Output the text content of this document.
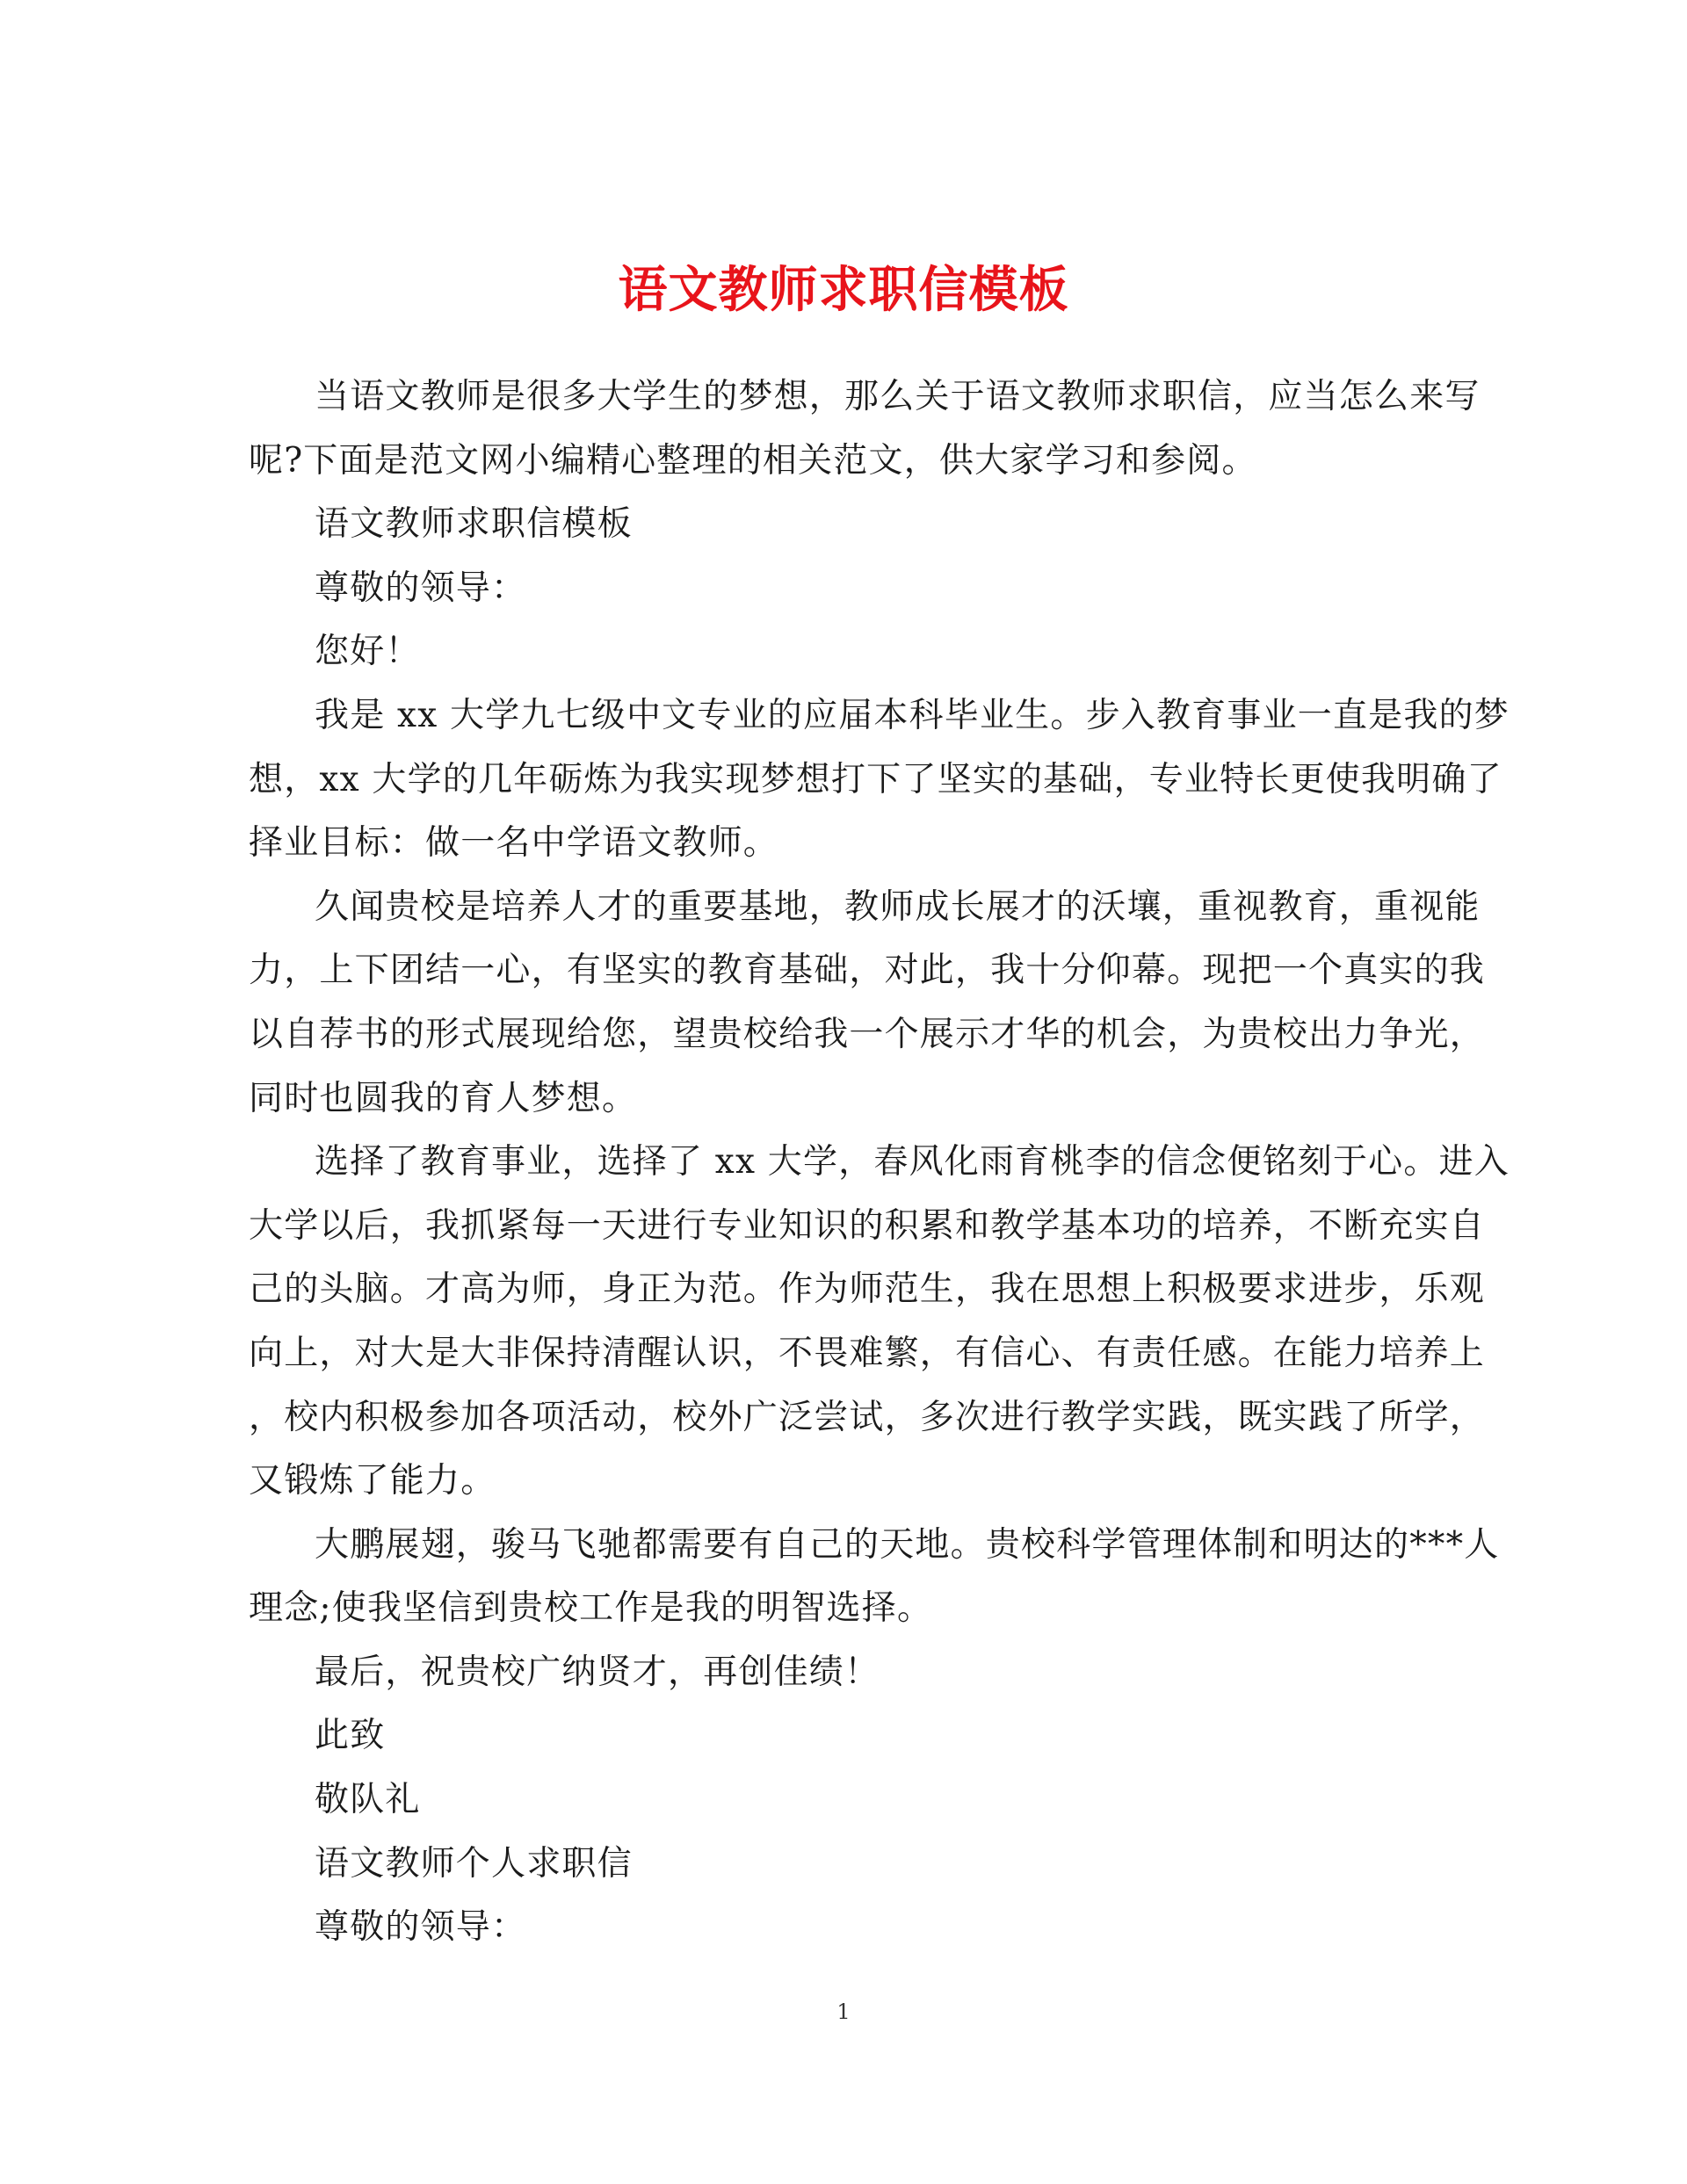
语文教师求职信模板
当语文教师是很多大学生的梦想，那么关于语文教师求职信，应当怎么来写
呢?下面是范文网小编精心整理的相关范文，供大家学习和参阅。
语文教师求职信模板
尊敬的领导：
您好！
我是 xx 大学九七级中文专业的应届本科毕业生。步入教育事业一直是我的梦
想，xx 大学的几年砺炼为我实现梦想打下了坚实的基础，专业特长更使我明确了
择业目标：做一名中学语文教师。
久闻贵校是培养人才的重要基地，教师成长展才的沃壤，重视教育，重视能
力，上下团结一心，有坚实的教育基础，对此，我十分仰幕。现把一个真实的我
以自荐书的形式展现给您，望贵校给我一个展示才华的机会，为贵校出力争光，
同时也圆我的育人梦想。
选择了教育事业，选择了 xx 大学，春风化雨育桃李的信念便铭刻于心。进入
大学以后，我抓紧每一天进行专业知识的积累和教学基本功的培养，不断充实自
己的头脑。才高为师，身正为范。作为师范生，我在思想上积极要求进步，乐观
向上，对大是大非保持清醒认识，不畏难繁，有信心、有责任感。在能力培养上
，校内积极参加各项活动，校外广泛尝试，多次进行教学实践，既实践了所学，
又锻炼了能力。
大鹏展翅，骏马飞驰都需要有自己的天地。贵校科学管理体制和明达的***人
理念;使我坚信到贵校工作是我的明智选择。
最后，祝贵校广纳贤才，再创佳绩！
此致
敬队礼
语文教师个人求职信
尊敬的领导：
1
